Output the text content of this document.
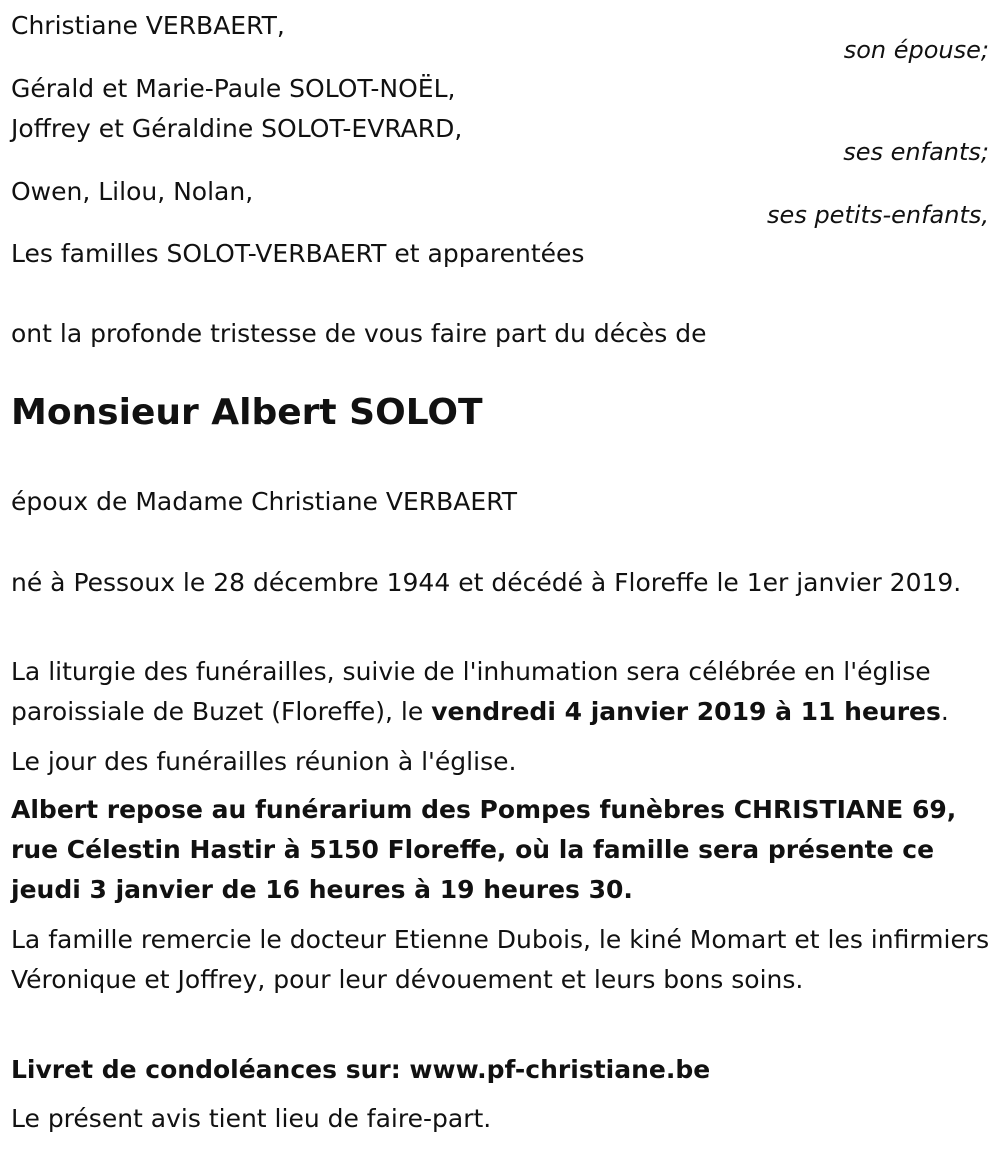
Christiane VERBAERT,
son épouse;
Gérald et Marie-Paule SOLOT-NOËL,
Joffrey et Géraldine SOLOT-EVRARD,
ses enfants;
Owen, Lilou, Nolan,
ses petits-enfants,
Les familles SOLOT-VERBAERT et apparentées
ont la profonde tristesse de vous faire part du décès de
Monsieur Albert SOLOT
époux de Madame Christiane VERBAERT
né à Pessoux le 28 décembre 1944 et décédé à Floreffe le 1er janvier 2019.
La liturgie des funérailles, suivie de l'inhumation sera célébrée en l'église paroissiale de Buzet (Floreffe), le vendredi 4 janvier 2019 à 11 heures.
Le jour des funérailles réunion à l'église.
Albert repose au funérarium des Pompes funèbres CHRISTIANE 69, rue Célestin Hastir à 5150 Floreffe, où la famille sera présente ce jeudi 3 janvier de 16 heures à 19 heures 30.
La famille remercie le docteur Etienne Dubois, le kiné Momart et les infirmiers Véronique et Joffrey, pour leur dévouement et leurs bons soins.
Livret de condoléances sur: www.pf-christiane.be
Le présent avis tient lieu de faire-part.
